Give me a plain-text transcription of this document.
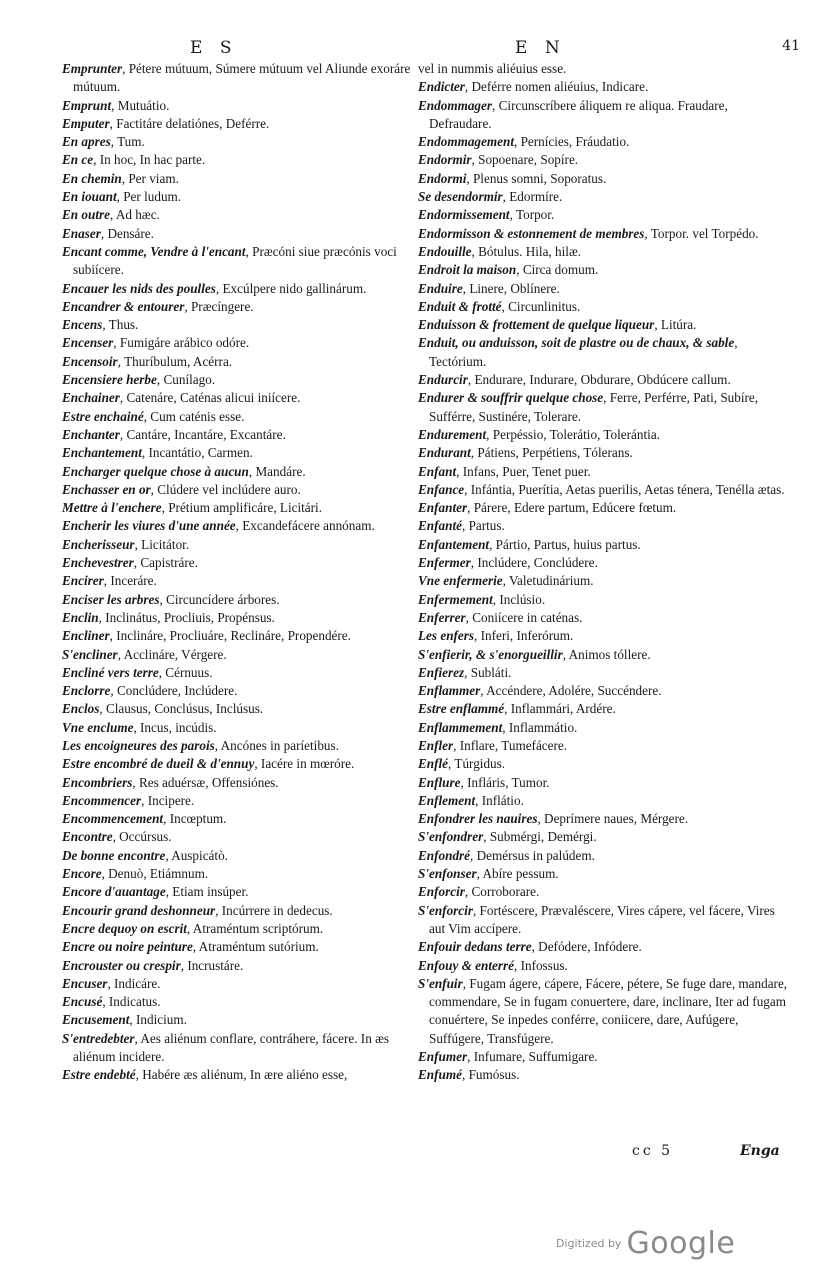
E S	E N	41

Emprunter, Pétere mútuum, Súmere mútuum vel Aliunde exoráre mútuum.

Emprunt, Mutuátio.

Emputer, Factitáre delatiónes, Deférre.

En apres, Tum.

En ce, In hoc, In hac parte.

En chemin, Per viam.

En iouant, Per ludum.

En outre, Ad hæc.

Enaser, Densáre.

Encant comme, Vendre à l'encant, Præcóni siue præcónis voci subiícere.

Encauer les nids des poulles, Excúlpere nido gallinárum.

Encandrer & entourer, Præcíngere.

Encens, Thus.

Encenser, Fumigáre arábico odóre.

Encensoir, Thuríbulum, Acérra.

Encensiere herbe, Cunílago.

Enchainer, Catenáre, Caténas alicui iniícere.

Estre enchainé, Cum caténis esse.

Enchanter, Cantáre, Incantáre, Excantáre.

Enchantement, Incantátio, Carmen.

Encharger quelque chose à aucun, Mandáre.

Enchasser en or, Clúdere vel inclúdere auro.

Mettre à l'enchere, Prétium amplificáre, Licitári.

Encherir les viures d'une année, Excandefácere annónam.

Encherisseur, Licitátor.

Enchevestrer, Capistráre.

Encirer, Inceráre.

Enciser les arbres, Circuncídere árbores.

Enclin, Inclinátus, Procliuis, Propénsus.

Encliner, Inclináre, Procliuáre, Reclináre, Propendére.

S'encliner, Acclináre, Vérgere.

Encliné vers terre, Cérnuus.

Enclorre, Conclúdere, Inclúdere.

Enclos, Clausus, Conclúsus, Inclúsus.

Vne enclume, Incus, incúdis.

Les encoigneures des parois, Ancónes in paríetibus.

Estre encombré de dueil & d'ennuy, Iacére in mœróre.

Encombriers, Res aduérsæ, Offensiónes.

Encommencer, Incipere.

Encommencement, Incœptum.

Encontre, Occúrsus.

De bonne encontre, Auspicátò.

Encore, Denuò, Etiámnum.

Encore d'auantage, Etiam insúper.

Encourir grand deshonneur, Incúrrere in dedecus.

Encre dequoy on escrit, Atraméntum scriptórum.

Encre ou noire peinture, Atraméntum sutórium.

Encrouster ou crespir, Incrustáre.

Encuser, Indicáre.

Encusé, Indicatus.

Encusement, Indicium.

S'entredebter, Aes aliénum conflare, contráhere, fácere. In æs aliénum incidere.

Estre endebté, Habére æs aliénum, In ære aliéno esse,

vel in nummis aliéuius esse.

Endicter, Deférre nomen aliéuius, Indicare.

Endommager, Circunscríbere áliquem re aliqua. Fraudare, Defraudare.

Endommagement, Pernícies, Fráudatio.

Endormir, Sopoenare, Sopíre.

Endormi, Plenus somni, Soporatus.

Se desendormir, Edormíre.

Endormissement, Torpor.

Endormisson & estonnement de membres, Torpor. vel Torpédo.

Endouille, Bótulus. Hila, hilæ.

Endroit la maison, Circa domum.

Enduire, Linere, Oblínere.

Enduit & frotté, Circunlinitus.

Enduisson & frottement de quelque liqueur, Litúra.

Enduit, ou anduisson, soit de plastre ou de chaux, & sable, Tectórium.

Endurcir, Endurare, Indurare, Obdurare, Obdúcere callum.

Endurer & souffrir quelque chose, Ferre, Perférre, Pati, Subíre, Sufférre, Sustinére, Tolerare.

Endurement, Perpéssio, Tolerátio, Tolerántia.

Endurant, Pátiens, Perpétiens, Tólerans.

Enfant, Infans, Puer, Tenet puer.

Enfance, Infántia, Puerítia, Aetas puerilis, Aetas ténera, Tenélla ætas.

Enfanter, Párere, Edere partum, Edúcere fœtum.

Enfanté, Partus.

Enfantement, Pártio, Partus, huius partus.

Enfermer, Inclúdere, Conclúdere.

Vne enfermerie, Valetudinárium.

Enfermement, Inclúsio.

Enferrer, Coniícere in caténas.

Les enfers, Inferi, Inferórum.

S'enfierir, & s'enorgueillir, Animos tóllere.

Enfierez, Subláti.

Enflammer, Accéndere, Adolére, Succéndere.

Estre enflammé, Inflammári, Ardére.

Enflammement, Inflammátio.

Enfler, Inflare, Tumefácere.

Enflé, Túrgidus.

Enflure, Infláris, Tumor.

Enflement, Inflátio.

Enfondrer les nauires, Deprímere naues, Mérgere.

S'enfondrer, Submérgi, Demérgi.

Enfondré, Demérsus in palúdem.

S'enfonser, Abíre pessum.

Enforcir, Corroborare.

S'enforcir, Fortéscere, Prævaléscere, Vires cápere, vel fácere, Vires aut Vim accípere.

Enfouir dedans terre, Defódere, Infódere.

Enfouy & enterré, Infossus.

S'enfuir, Fugam ágere, cápere, Fácere, pétere, Se fuge dare, mandare, commendare, Se in fugam conuertere, dare, inclinare, Iter ad fugam conuértere, Se inpedes conférre, coniicere, dare, Aufúgere, Suffúgere, Transfúgere.

Enfumer, Infumare, Suffumigare.

Enfumé, Fumósus.

cc 5	Enga
Digitized by Google
